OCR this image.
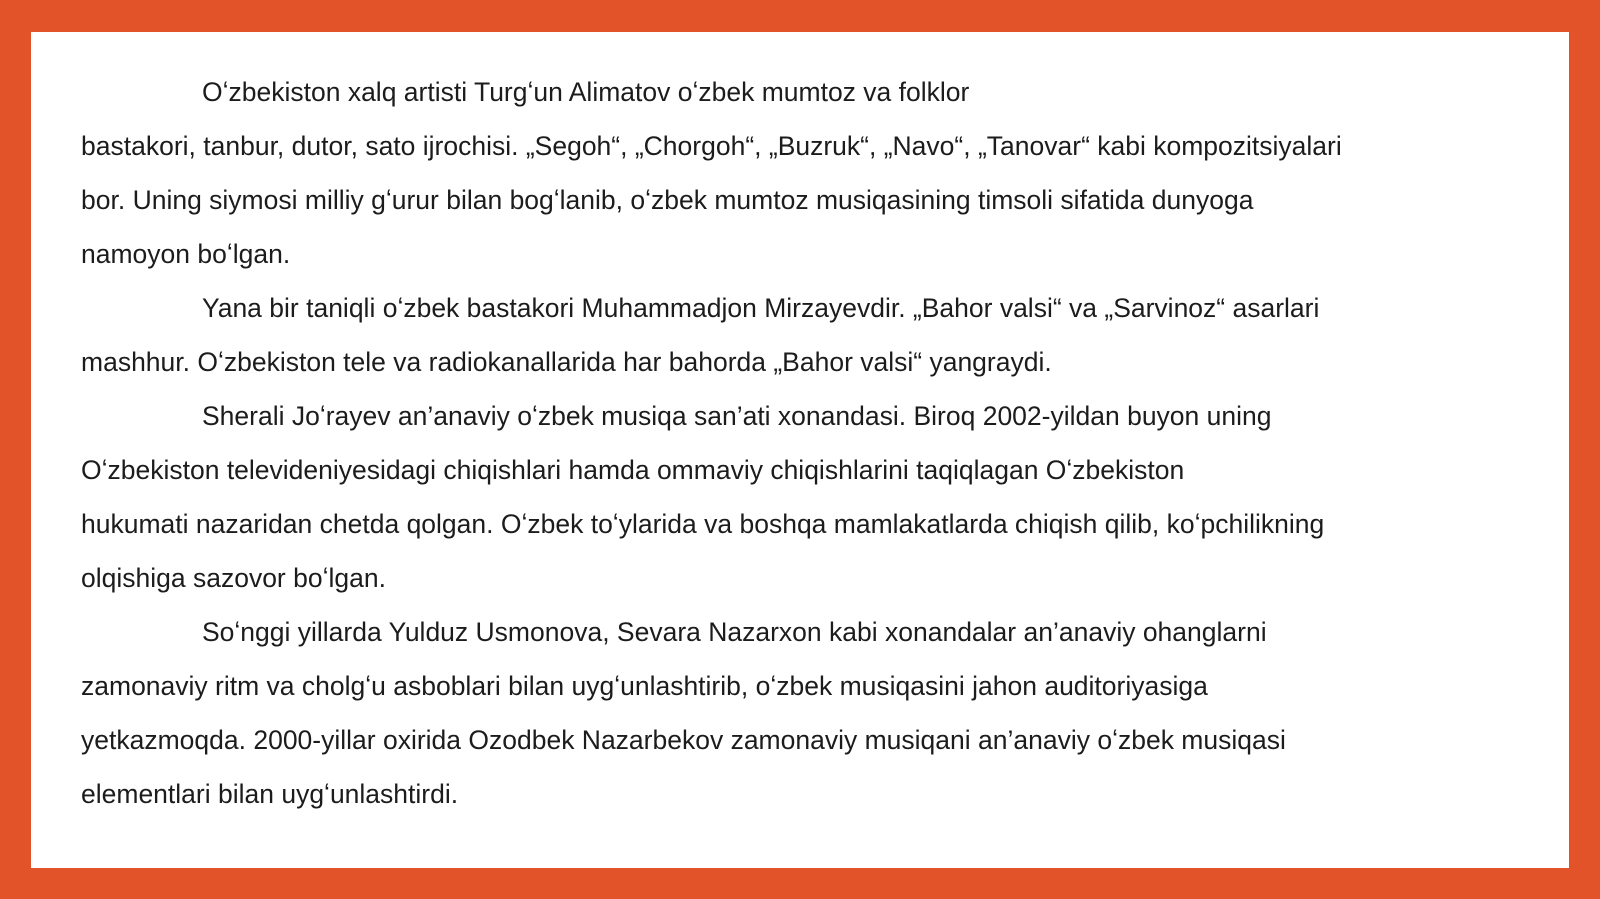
Oʻzbekiston xalq artisti Turgʻun Alimatov oʻzbek mumtoz va folklor
bastakori, tanbur, dutor, sato ijrochisi. „Segoh“, „Chorgoh“, „Buzruk“, „Navo“, „Tanovar“ kabi kompozitsiyalari
bor. Uning siymosi milliy gʻurur bilan bogʻlanib, oʻzbek mumtoz musiqasining timsoli sifatida dunyoga
namoyon boʻlgan.

Yana bir taniqli oʻzbek bastakori Muhammadjon Mirzayevdir. „Bahor valsi“ va „Sarvinoz“ asarlari
mashhur. Oʻzbekiston tele va radiokanallarida har bahorda „Bahor valsi“ yangraydi.

Sherali Joʻrayev an’anaviy oʻzbek musiqa san’ati xonandasi. Biroq 2002-yildan buyon uning
Oʻzbekiston televideniyesidagi chiqishlari hamda ommaviy chiqishlarini taqiqlagan Oʻzbekiston
hukumati nazaridan chetda qolgan. Oʻzbek toʻylarida va boshqa mamlakatlarda chiqish qilib, koʻpchilikning
olqishiga sazovor boʻlgan.

Soʻnggi yillarda Yulduz Usmonova, Sevara Nazarxon kabi xonandalar an’anaviy ohanglarni
zamonaviy ritm va cholgʻu asboblari bilan uygʻunlashtirib, oʻzbek musiqasini jahon auditoriyasiga
yetkazmoqda. 2000-yillar oxirida Ozodbek Nazarbekov zamonaviy musiqani an’anaviy oʻzbek musiqasi
elementlari bilan uygʻunlashtirdi.
